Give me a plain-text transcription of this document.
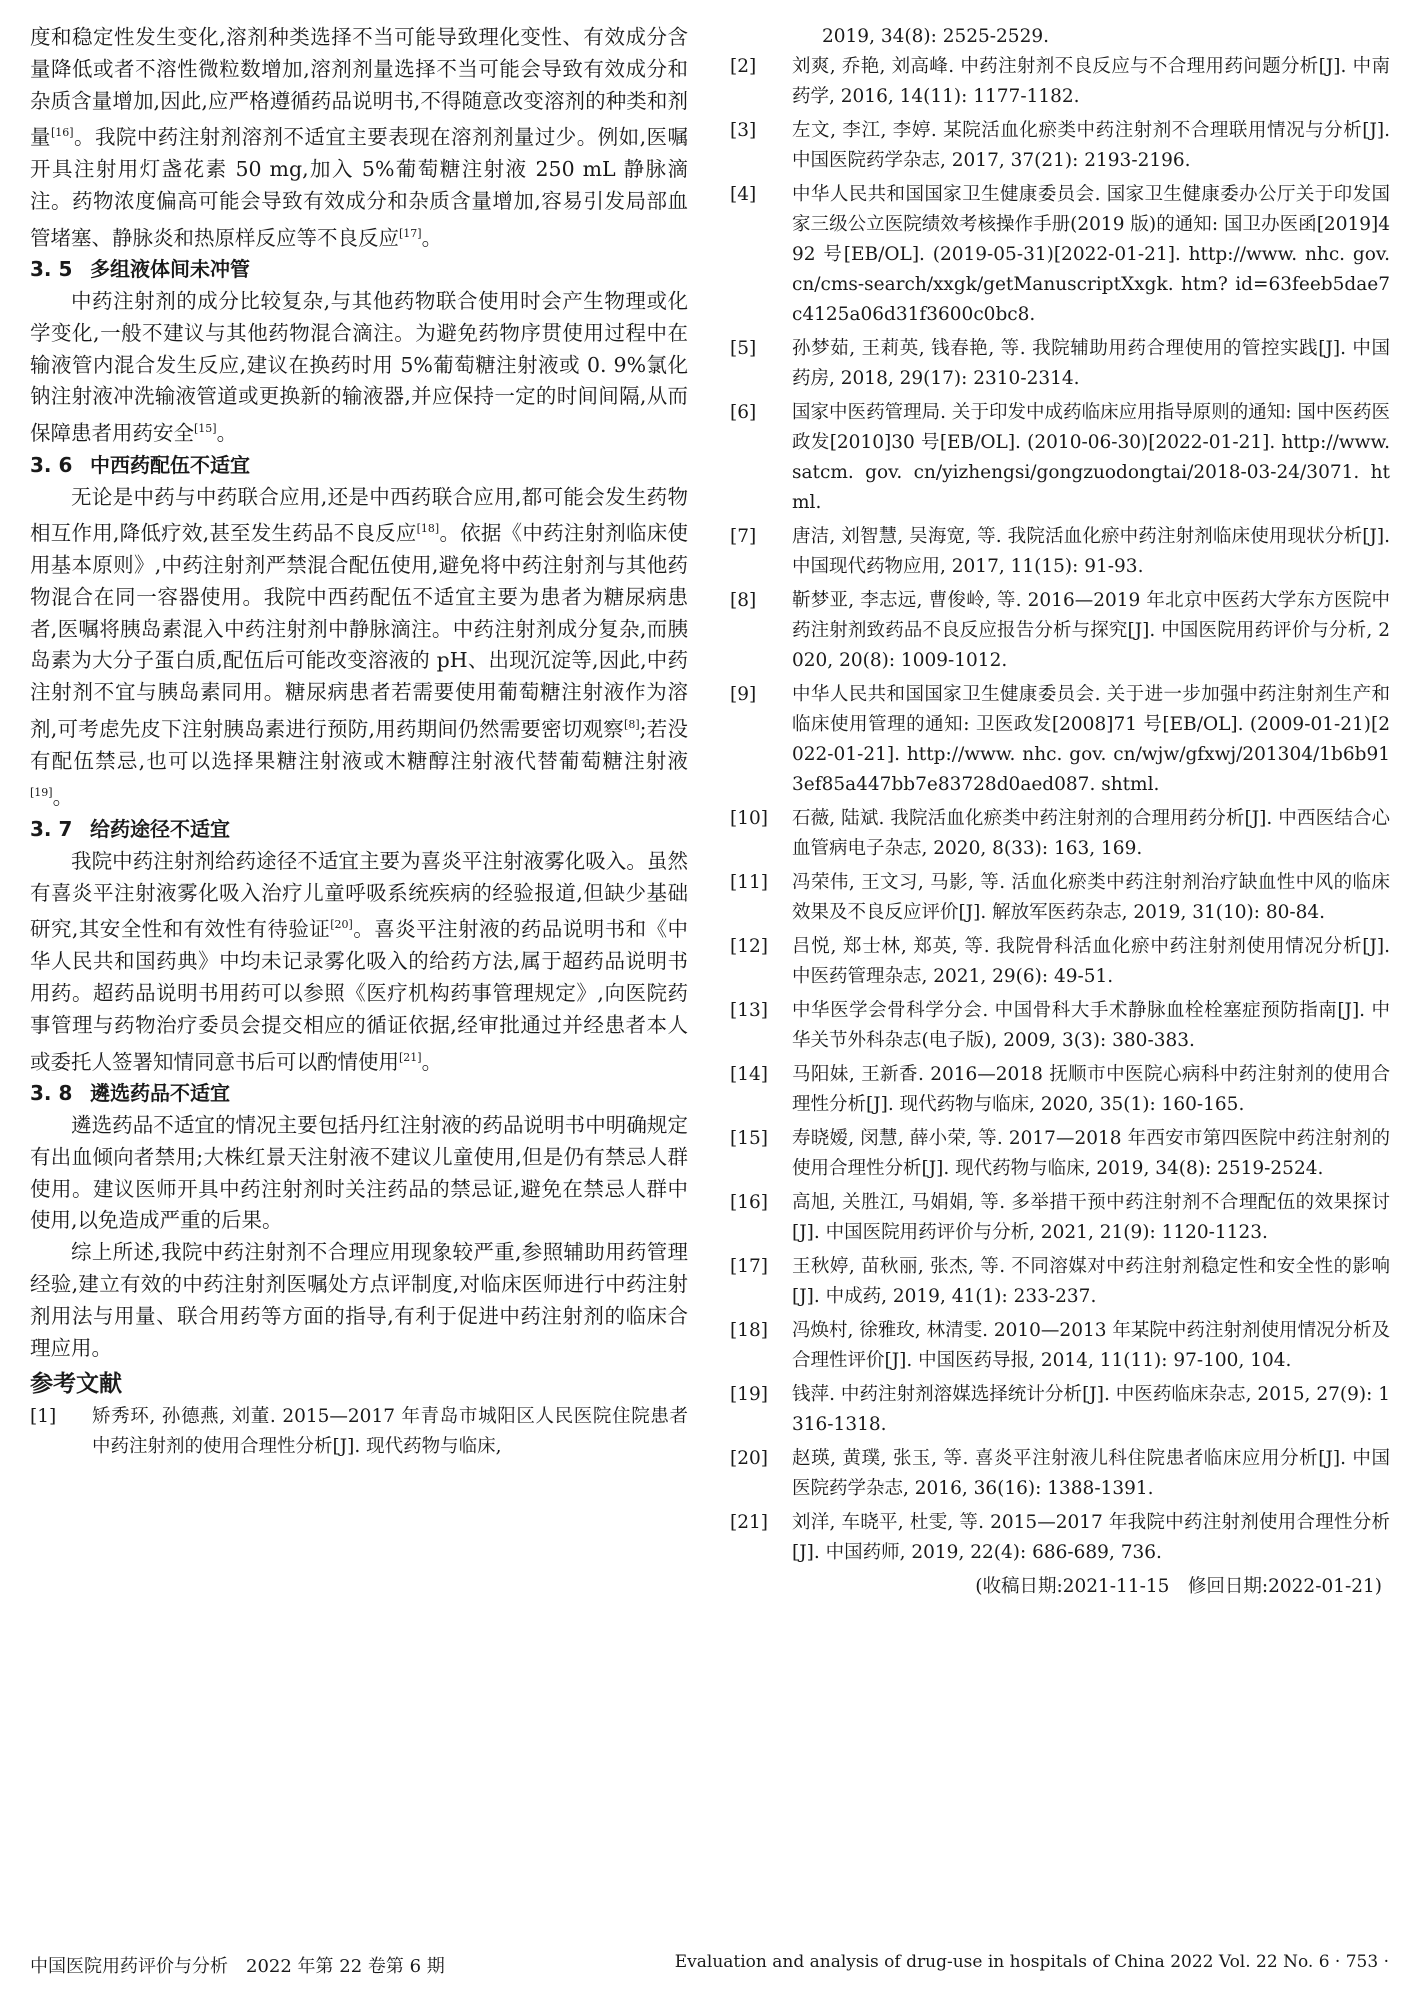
度和稳定性发生变化,溶剂种类选择不当可能导致理化变性、有效成分含量降低或者不溶性微粒数增加,溶剂剂量选择不当可能会导致有效成分和杂质含量增加,因此,应严格遵循药品说明书,不得随意改变溶剂的种类和剂量[16]。我院中药注射剂溶剂不适宜主要表现在溶剂剂量过少。例如,医嘱开具注射用灯盏花素 50 mg,加入 5%葡萄糖注射液 250 mL 静脉滴注。药物浓度偏高可能会导致有效成分和杂质含量增加,容易引发局部血管堵塞、静脉炎和热原样反应等不良反应[17]。

3. 5 多组液体间未冲管

中药注射剂的成分比较复杂,与其他药物联合使用时会产生物理或化学变化,一般不建议与其他药物混合滴注。为避免药物序贯使用过程中在输液管内混合发生反应,建议在换药时用 5%葡萄糖注射液或 0. 9%氯化钠注射液冲洗输液管道或更换新的输液器,并应保持一定的时间间隔,从而保障患者用药安全[15]。

3. 6 中西药配伍不适宜

无论是中药与中药联合应用,还是中西药联合应用,都可能会发生药物相互作用,降低疗效,甚至发生药品不良反应[18]。依据《中药注射剂临床使用基本原则》,中药注射剂严禁混合配伍使用,避免将中药注射剂与其他药物混合在同一容器使用。我院中西药配伍不适宜主要为患者为糖尿病患者,医嘱将胰岛素混入中药注射剂中静脉滴注。中药注射剂成分复杂,而胰岛素为大分子蛋白质,配伍后可能改变溶液的 pH、出现沉淀等,因此,中药注射剂不宜与胰岛素同用。糖尿病患者若需要使用葡萄糖注射液作为溶剂,可考虑先皮下注射胰岛素进行预防,用药期间仍然需要密切观察[8];若没有配伍禁忌,也可以选择果糖注射液或木糖醇注射液代替葡萄糖注射液[19]。

3. 7 给药途径不适宜

我院中药注射剂给药途径不适宜主要为喜炎平注射液雾化吸入。虽然有喜炎平注射液雾化吸入治疗儿童呼吸系统疾病的经验报道,但缺少基础研究,其安全性和有效性有待验证[20]。喜炎平注射液的药品说明书和《中华人民共和国药典》中均未记录雾化吸入的给药方法,属于超药品说明书用药。超药品说明书用药可以参照《医疗机构药事管理规定》,向医院药事管理与药物治疗委员会提交相应的循证依据,经审批通过并经患者本人或委托人签署知情同意书后可以酌情使用[21]。

3. 8 遴选药品不适宜

遴选药品不适宜的情况主要包括丹红注射液的药品说明书中明确规定有出血倾向者禁用;大株红景天注射液不建议儿童使用,但是仍有禁忌人群使用。建议医师开具中药注射剂时关注药品的禁忌证,避免在禁忌人群中使用,以免造成严重的后果。

综上所述,我院中药注射剂不合理应用现象较严重,参照辅助用药管理经验,建立有效的中药注射剂医嘱处方点评制度,对临床医师进行中药注射剂用法与用量、联合用药等方面的指导,有利于促进中药注射剂的临床合理应用。

参考文献
[1]	矫秀环, 孙德燕, 刘董. 2015—2017 年青岛市城阳区人民医院住院患者中药注射剂的使用合理性分析[J]. 现代药物与临床,
2019, 34(8): 2525-2529.
[2]	刘爽, 乔艳, 刘高峰. 中药注射剂不良反应与不合理用药问题分析[J]. 中南药学, 2016, 14(11): 1177-1182.
[3]	左文, 李江, 李婷. 某院活血化瘀类中药注射剂不合理联用情况与分析[J]. 中国医院药学杂志, 2017, 37(21): 2193-2196.
[4]	中华人民共和国国家卫生健康委员会. 国家卫生健康委办公厅关于印发国家三级公立医院绩效考核操作手册(2019 版)的通知: 国卫办医函[2019]492 号[EB/OL]. (2019-05-31)[2022-01-21]. http://www. nhc. gov. cn/cms-search/xxgk/getManuscriptXxgk. htm? id=63feeb5dae7c4125a06d31f3600c0bc8.
[5]	孙梦茹, 王莉英, 钱春艳, 等. 我院辅助用药合理使用的管控实践[J]. 中国药房, 2018, 29(17): 2310-2314.
[6]	国家中医药管理局. 关于印发中成药临床应用指导原则的通知: 国中医药医政发[2010]30 号[EB/OL]. (2010-06-30)[2022-01-21]. http://www. satcm. gov. cn/yizhengsi/gongzuodongtai/2018-03-24/3071. html.
[7]	唐洁, 刘智慧, 吴海宽, 等. 我院活血化瘀中药注射剂临床使用现状分析[J]. 中国现代药物应用, 2017, 11(15): 91-93.
[8]	靳梦亚, 李志远, 曹俊岭, 等. 2016—2019 年北京中医药大学东方医院中药注射剂致药品不良反应报告分析与探究[J]. 中国医院用药评价与分析, 2020, 20(8): 1009-1012.
[9]	中华人民共和国国家卫生健康委员会. 关于进一步加强中药注射剂生产和临床使用管理的通知: 卫医政发[2008]71 号[EB/OL]. (2009-01-21)[2022-01-21]. http://www. nhc. gov. cn/wjw/gfxwj/201304/1b6b913ef85a447bb7e83728d0aed087. shtml.
[10]	石薇, 陆斌. 我院活血化瘀类中药注射剂的合理用药分析[J]. 中西医结合心血管病电子杂志, 2020, 8(33): 163, 169.
[11]	冯荣伟, 王文习, 马影, 等. 活血化瘀类中药注射剂治疗缺血性中风的临床效果及不良反应评价[J]. 解放军医药杂志, 2019, 31(10): 80-84.
[12]	吕悦, 郑士林, 郑英, 等. 我院骨科活血化瘀中药注射剂使用情况分析[J]. 中医药管理杂志, 2021, 29(6): 49-51.
[13]	中华医学会骨科学分会. 中国骨科大手术静脉血栓栓塞症预防指南[J]. 中华关节外科杂志(电子版), 2009, 3(3): 380-383.
[14]	马阳妹, 王新香. 2016—2018 抚顺市中医院心病科中药注射剂的使用合理性分析[J]. 现代药物与临床, 2020, 35(1): 160-165.
[15]	寿晓嫒, 闵慧, 薛小荣, 等. 2017—2018 年西安市第四医院中药注射剂的使用合理性分析[J]. 现代药物与临床, 2019, 34(8): 2519-2524.
[16]	高旭, 关胜江, 马娟娟, 等. 多举措干预中药注射剂不合理配伍的效果探讨[J]. 中国医院用药评价与分析, 2021, 21(9): 1120-1123.
[17]	王秋婷, 苗秋丽, 张杰, 等. 不同溶媒对中药注射剂稳定性和安全性的影响[J]. 中成药, 2019, 41(1): 233-237.
[18]	冯焕村, 徐雅玫, 林清雯. 2010—2013 年某院中药注射剂使用情况分析及合理性评价[J]. 中国医药导报, 2014, 11(11): 97-100, 104.
[19]	钱萍. 中药注射剂溶媒选择统计分析[J]. 中医药临床杂志, 2015, 27(9): 1316-1318.
[20]	赵瑛, 黄璞, 张玉, 等. 喜炎平注射液儿科住院患者临床应用分析[J]. 中国医院药学杂志, 2016, 36(16): 1388-1391.
[21]	刘洋, 车晓平, 杜雯, 等. 2015—2017 年我院中药注射剂使用合理性分析[J]. 中国药师, 2019, 22(4): 686-689, 736.
(收稿日期:2021-11-15　修回日期:2022-01-21)
中国医院用药评价与分析　2022 年第 22 卷第 6 期	Evaluation and analysis of drug-use in hospitals of China 2022 Vol. 22 No. 6 · 753 ·
